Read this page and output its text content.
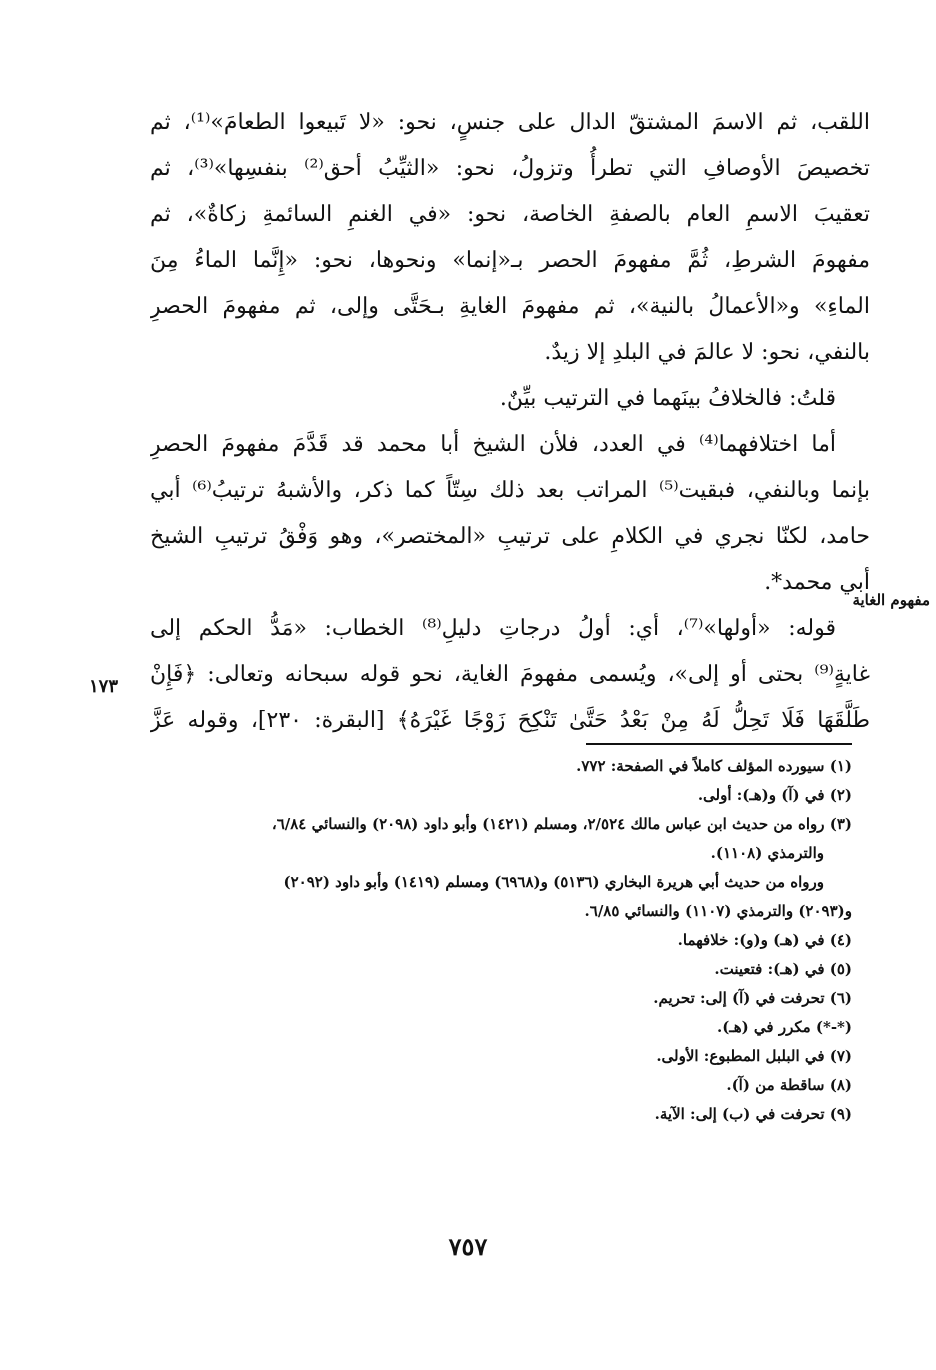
اللقب، ثم الاسمَ المشتقّ الدال على جنسٍ، نحو: «لا تَبيعوا الطعامَ»⁽¹⁾، ثم
تخصيصَ الأوصافِ التي تطرأُ وتزولُ، نحو: «الثيِّبُ أحق⁽²⁾ بنفسِها»⁽³⁾، ثم
تعقيبَ الاسمِ العام بالصفةِ الخاصة، نحو: «في الغنمِ السائمةِ زكاةٌ»، ثم
مفهومَ الشرطِ، ثُمَّ مفهومَ الحصر بـ«إنما» ونحوها، نحو: «إِنَّما الماءُ مِنَ
الماءِ» و«الأعمالُ بالنية»، ثم مفهومَ الغايةِ بـحَتَّى وإلى، ثم مفهومَ الحصرِ
بالنفي، نحو: لا عالمَ في البلدِ إلا زيدٌ.
قلتُ: فالخلافُ بينَهما في الترتيب بيِّنٌ.
أما اختلافهما⁽⁴⁾ في العدد، فلأن الشيخ أبا محمد قد قَدَّمَ مفهومَ الحصرِ
بإنما وبالنفي، فبقيت⁽⁵⁾ المراتب بعد ذلك سِتّاً كما ذكر، والأشبهُ ترتيبُ⁽⁶⁾ أبي
حامد، لكنّا نجري في الكلامِ على ترتيبِ «المختصر»، وهو وَفْقُ ترتيبِ الشيخ
أبي محمد*.
قوله: «أولها»⁽⁷⁾، أي: أولُ درجاتِ دليلِ⁽⁸⁾ الخطاب: «مَدُّ الحكم إلى
غايةٍ⁽⁹⁾ بحتى أو إلى»، ويُسمى مفهومَ الغاية، نحو قوله سبحانه وتعالى: ﴿فَإِنْ
طَلَّقَهَا فَلَا تَحِلُّ لَهُ مِنْ بَعْدُ حَتَّىٰ تَنْكِحَ زَوْجًا غَيْرَهُ﴾ [البقرة: ٢٣٠]، وقوله عَزَّ
مفهوم الغاية
١٧٣
(١) سيورده المؤلف كاملاً في الصفحة: ٧٧٢.
(٢) في (آ) و(هـ): أولى.
(٣) رواه من حديث ابن عباس مالك ٢/٥٢٤، ومسلم (١٤٢١) وأبو داود (٢٠٩٨) والنسائي ٦/٨٤،
والترمذي (١١٠٨).
ورواه من حديث أبي هريرة البخاري (٥١٣٦) و(٦٩٦٨) ومسلم (١٤١٩) وأبو داود (٢٠٩٢)
و(٢٠٩٣) والترمذي (١١٠٧) والنسائي ٦/٨٥.
(٤) في (هـ) و(و): خلافهما.
(٥) في (هـ): فتعينت.
(٦) تحرفت في (آ) إلى: تحريم.
(*-*) مكرر في (هـ).
(٧) في البلبل المطبوع: الأولى.
(٨) ساقطة من (آ).
(٩) تحرفت في (ب) إلى: الآية.
٧٥٧
